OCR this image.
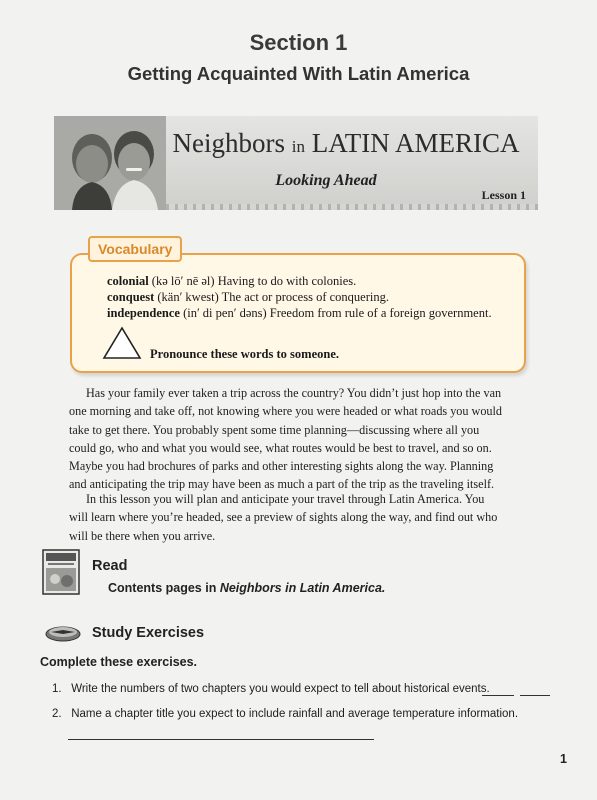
Section 1
Getting Acquainted With Latin America
Neighbors in LATIN AMERICA
Looking Ahead
Lesson 1
colonial (kə lō′ nē əl) Having to do with colonies.
conquest (kän′ kwest) The act or process of conquering.
independence (in′ di pen′ dəns) Freedom from rule of a foreign government.
Pronounce these words to someone.
Vocabulary
Has your family ever taken a trip across the country? You didn’t just hop into the van
one morning and take off, not knowing where you were headed or what roads you would
take to get there. You probably spent some time planning—discussing where all you
could go, who and what you would see, what routes would be best to travel, and so on.
Maybe you had brochures of parks and other interesting sights along the way. Planning
and anticipating the trip may have been as much a part of the trip as the traveling itself.
In this lesson you will plan and anticipate your travel through Latin America. You
will learn where you’re headed, see a preview of sights along the way, and find out who
will be there when you arrive.
Read
Contents pages in Neighbors in Latin America.
Study Exercises
Complete these exercises.
1. Write the numbers of two chapters you would expect to tell about historical events.
2. Name a chapter title you expect to include rainfall and average temperature information.
1
